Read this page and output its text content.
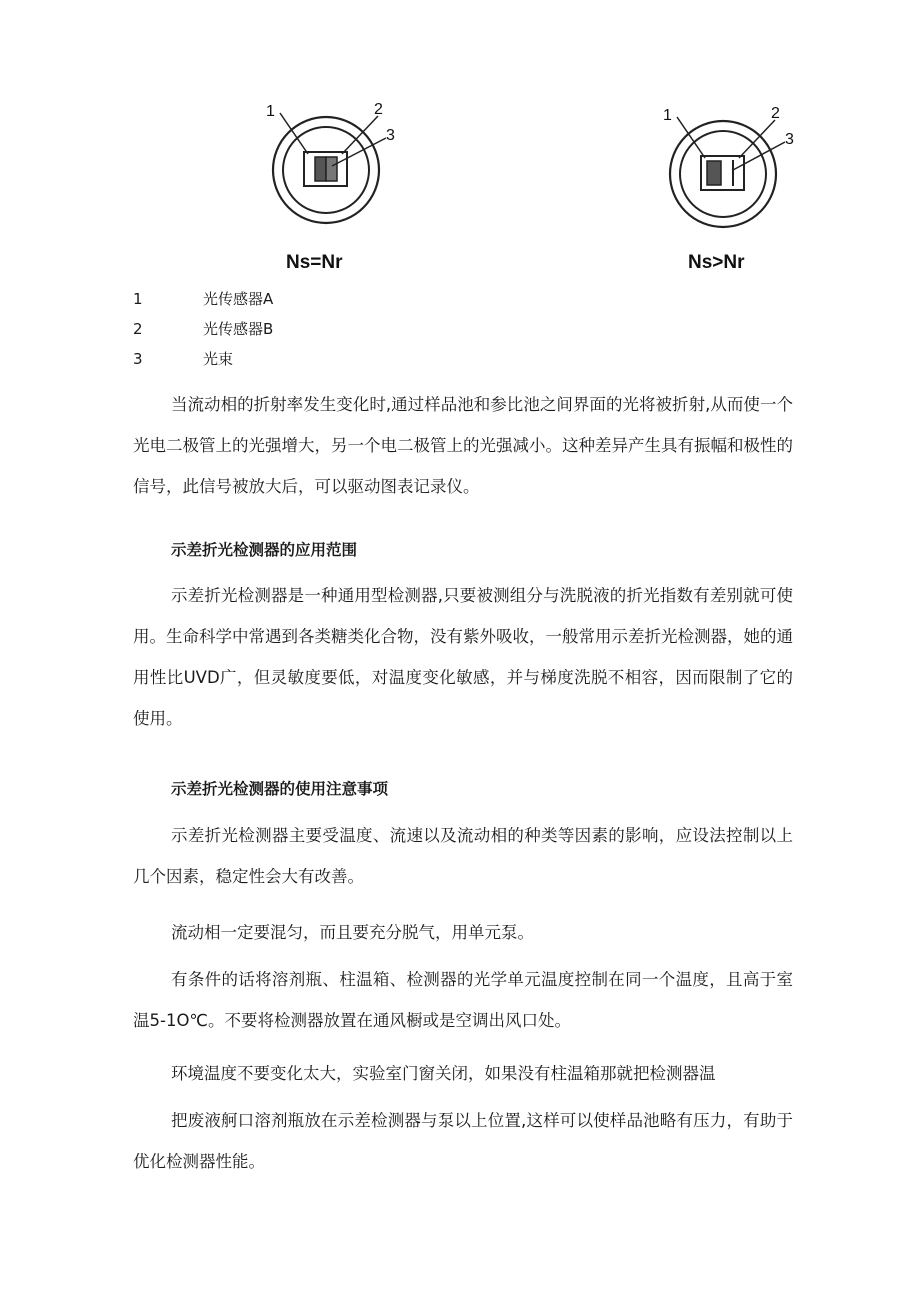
1	2
3
Ns=Nr
1	2
3
Ns>Nr
1	光传感器A
2	光传感器B
3	光束

当流动相的折射率发生变化时,通过样品池和参比池之间界面的光将被折射,从而使一个光电二极管上的光强增大，另一个电二极管上的光强减小。这种差异产生具有振幅和极性的信号，此信号被放大后，可以驱动图表记录仪。

示差折光检测器的应用范围

示差折光检测器是一种通用型检测器,只要被测组分与洗脱液的折光指数有差别就可使用。生命科学中常遇到各类糖类化合物，没有紫外吸收，一般常用示差折光检测器，她的通用性比UVD广，但灵敏度要低，对温度变化敏感，并与梯度洗脱不相容，因而限制了它的使用。

示差折光检测器的使用注意事项

示差折光检测器主要受温度、流速以及流动相的种类等因素的影响，应设法控制以上几个因素，稳定性会大有改善。

流动相一定要混匀，而且要充分脱气，用单元泵。

有条件的话将溶剂瓶、柱温箱、检测器的光学单元温度控制在同一个温度，且高于室温5-1O℃。不要将检测器放置在通风橱或是空调出风口处。

环境温度不要变化太大，实验室门窗关闭，如果没有柱温箱那就把检测器温

把废液舸口溶剂瓶放在示差检测器与泵以上位置,这样可以使样品池略有压力，有助于优化检测器性能。
